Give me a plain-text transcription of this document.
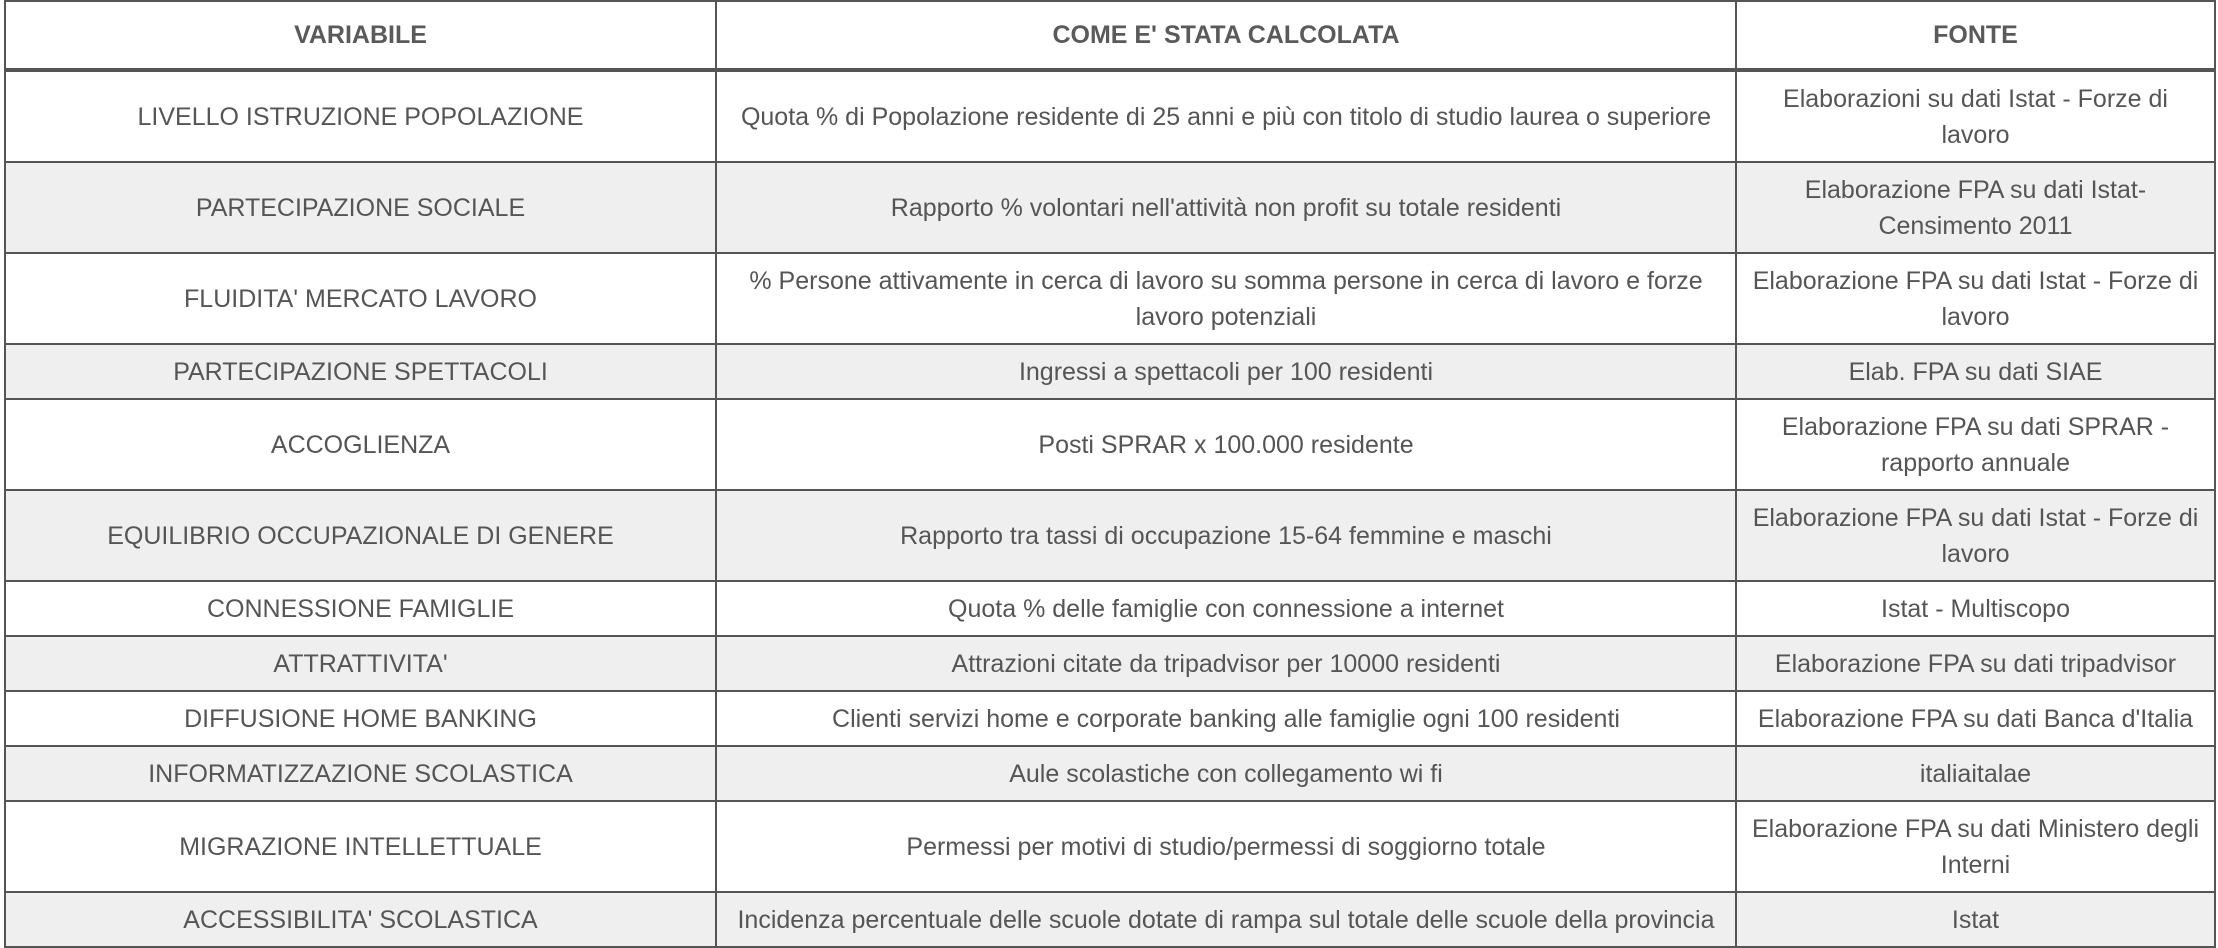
VARIABILE	COME E' STATA CALCOLATA	FONTE
LIVELLO ISTRUZIONE POPOLAZIONE	Quota % di Popolazione residente di 25 anni e più con titolo di studio laurea o superiore	Elaborazioni su dati Istat - Forze di lavoro
PARTECIPAZIONE SOCIALE	Rapporto % volontari nell'attività non profit su totale residenti	Elaborazione FPA su dati Istat- Censimento 2011
FLUIDITA' MERCATO LAVORO	% Persone attivamente in cerca di lavoro su somma persone in cerca di lavoro e forze lavoro potenziali	Elaborazione FPA su dati Istat - Forze di lavoro
PARTECIPAZIONE SPETTACOLI	Ingressi a spettacoli per 100 residenti	Elab. FPA su dati SIAE
ACCOGLIENZA	Posti SPRAR x 100.000 residente	Elaborazione FPA su dati SPRAR - rapporto annuale
EQUILIBRIO OCCUPAZIONALE DI GENERE	Rapporto tra tassi di occupazione 15-64 femmine e maschi	Elaborazione FPA su dati Istat - Forze di lavoro
CONNESSIONE FAMIGLIE	Quota % delle famiglie con connessione a internet	Istat - Multiscopo
ATTRATTIVITA'	Attrazioni citate da tripadvisor per 10000 residenti	Elaborazione FPA su dati tripadvisor
DIFFUSIONE HOME BANKING	Clienti servizi home e corporate banking alle famiglie ogni 100 residenti	Elaborazione FPA su dati Banca d'Italia
INFORMATIZZAZIONE SCOLASTICA	Aule scolastiche con collegamento wi fi	italiaitalae
MIGRAZIONE INTELLETTUALE	Permessi per motivi di studio/permessi di soggiorno totale	Elaborazione FPA su dati Ministero degli Interni
ACCESSIBILITA' SCOLASTICA	Incidenza percentuale delle scuole dotate di rampa sul totale delle scuole della provincia	Istat
